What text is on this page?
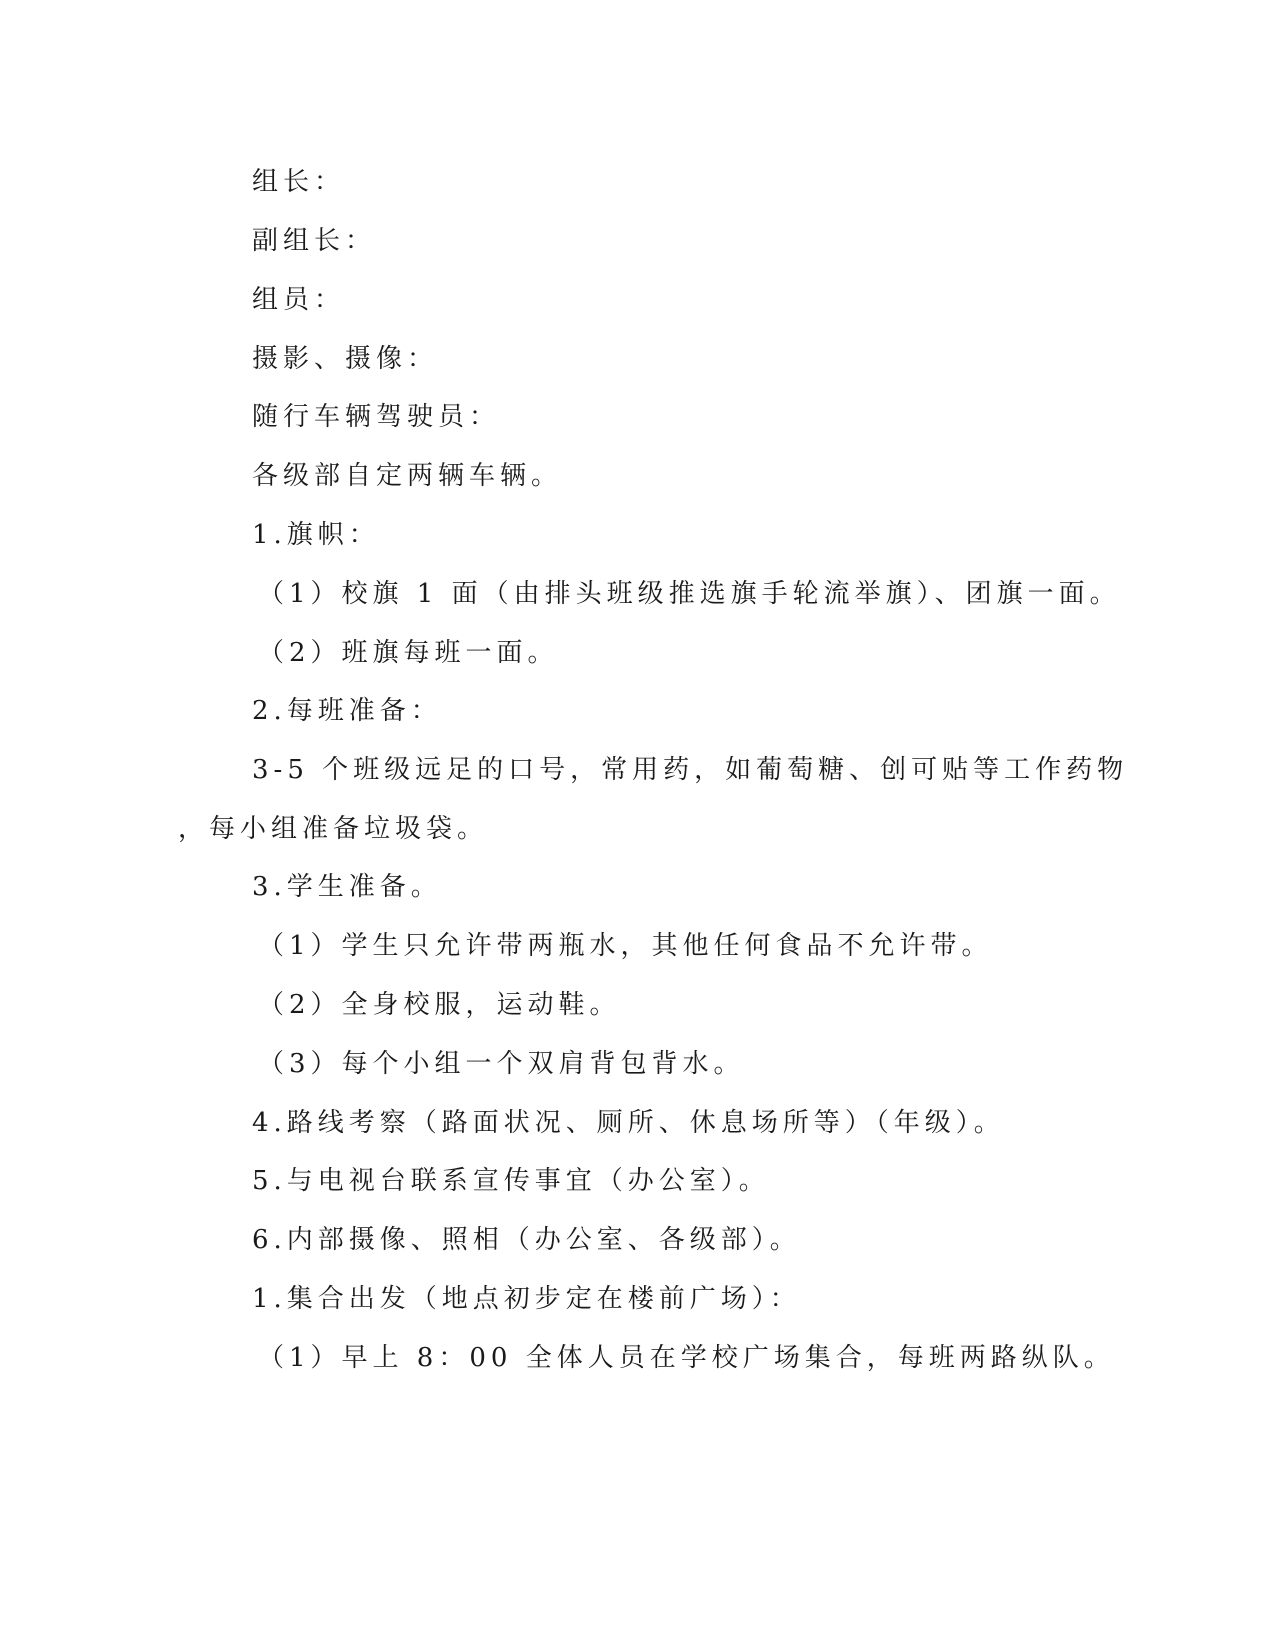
组长：
副组长：
组员：
摄影、摄像：
随行车辆驾驶员：
各级部自定两辆车辆。
1.旗帜：
（1）校旗 1 面（由排头班级推选旗手轮流举旗）、团旗一面。
（2）班旗每班一面。
2.每班准备：
3-5 个班级远足的口号，常用药，如葡萄糖、创可贴等工作药物
，每小组准备垃圾袋。
3.学生准备。
（1）学生只允许带两瓶水，其他任何食品不允许带。
（2）全身校服，运动鞋。
（3）每个小组一个双肩背包背水。
4.路线考察（路面状况、厕所、休息场所等）（年级）。
5.与电视台联系宣传事宜（办公室）。
6.内部摄像、照相（办公室、各级部）。
1.集合出发（地点初步定在楼前广场）：
（1）早上 8：00 全体人员在学校广场集合，每班两路纵队。
